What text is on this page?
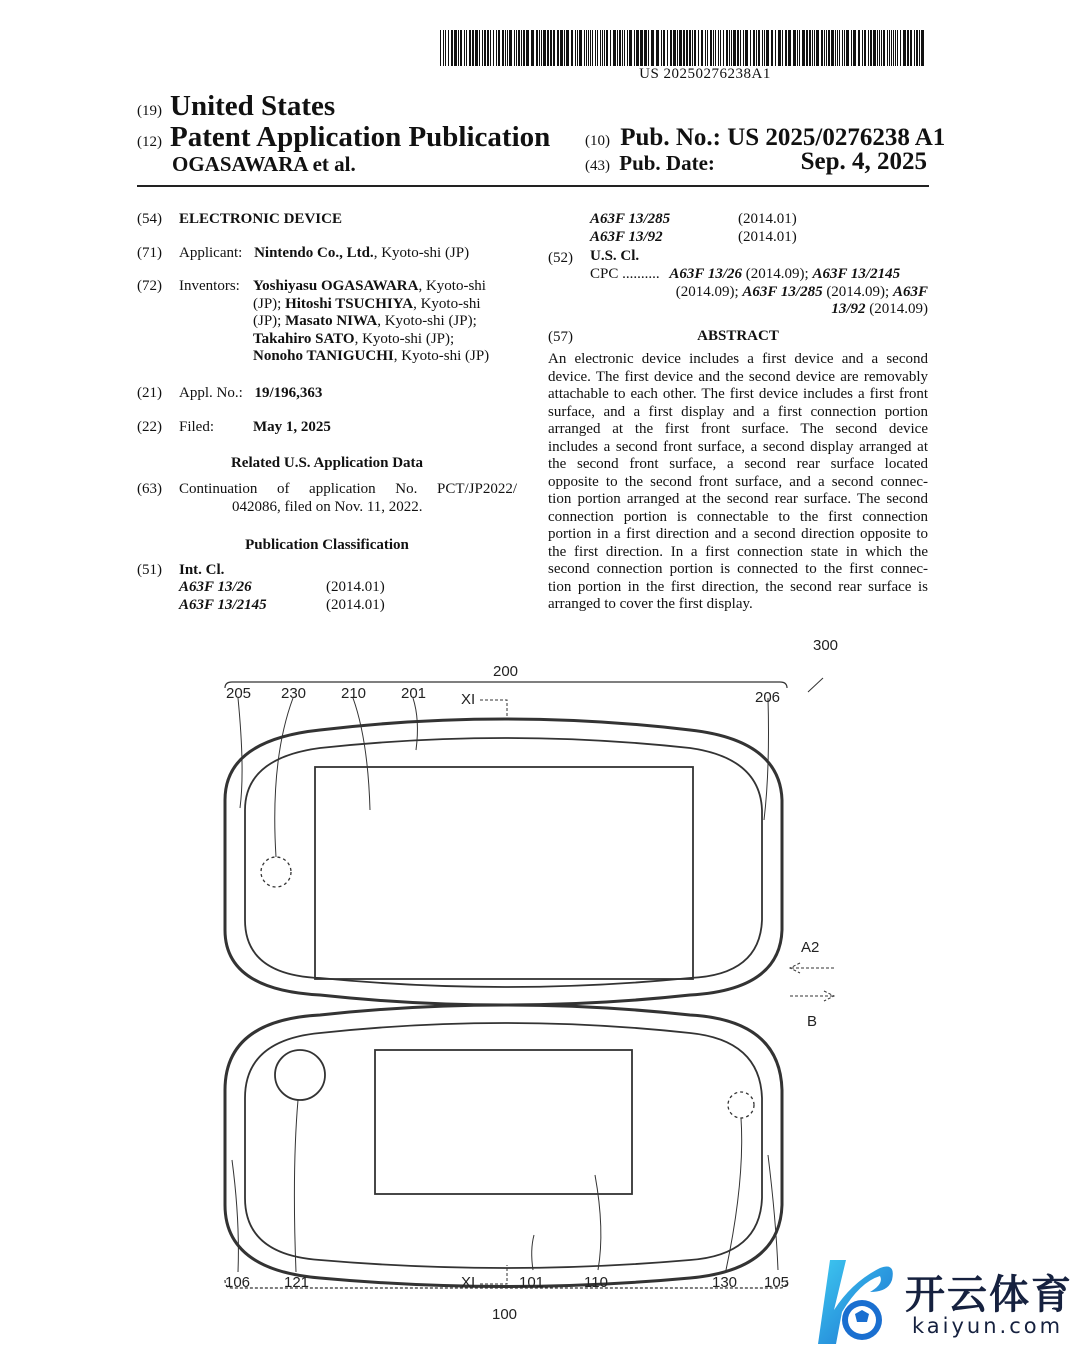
US 20250276238A1
(19) United States
(12) Patent Application Publication
OGASAWARA et al.
(10) Pub. No.: US 2025/0276238 A1
(43) Pub. Date:	Sep. 4, 2025
(54) ELECTRONIC DEVICE
(71) Applicant: Nintendo Co., Ltd., Kyoto-shi (JP)
(72) Inventors: Yoshiyasu OGASAWARA, Kyoto-shi
(JP); Hitoshi TSUCHIYA, Kyoto-shi
(JP); Masato NIWA, Kyoto-shi (JP);
Takahiro SATO, Kyoto-shi (JP);
Nonoho TANIGUCHI, Kyoto-shi (JP)
(21) Appl. No.: 19/196,363
(22) Filed:	May 1, 2025
Related U.S. Application Data
(63) Continuation of application No. PCT/JP2022/
042086, filed on Nov. 11, 2022.
Publication Classification
(51) Int. Cl.
A63F 13/26	(2014.01)
A63F 13/2145	(2014.01)
A63F 13/285	(2014.01)
A63F 13/92	(2014.01)
(52) U.S. Cl.
CPC .......... A63F 13/26 (2014.09); A63F 13/2145
(2014.09); A63F 13/285 (2014.09); A63F
13/92 (2014.09)
(57)	ABSTRACT
An electronic device includes a first device and a second
device. The first device and the second device are removably
attachable to each other. The first device includes a first front
surface, and a first display and a first connection portion
arranged at the first front surface. The second device
includes a second front surface, a second display arranged at
the second front surface, a second rear surface located
opposite to the second front surface, and a second connec-
tion portion arranged at the second rear surface. The second
connection portion is connectable to the first connection
portion in a first direction and a second direction opposite to
the first direction. In a first connection state in which the
second connection portion is connected to the first connec-
tion portion in the first direction, the second rear surface is
arranged to cover the first display.
300
200
205 230 210 201 XI	206
A2
B
106 121	XI	101	110	130 105
100	开云体育
kaiyun.com
